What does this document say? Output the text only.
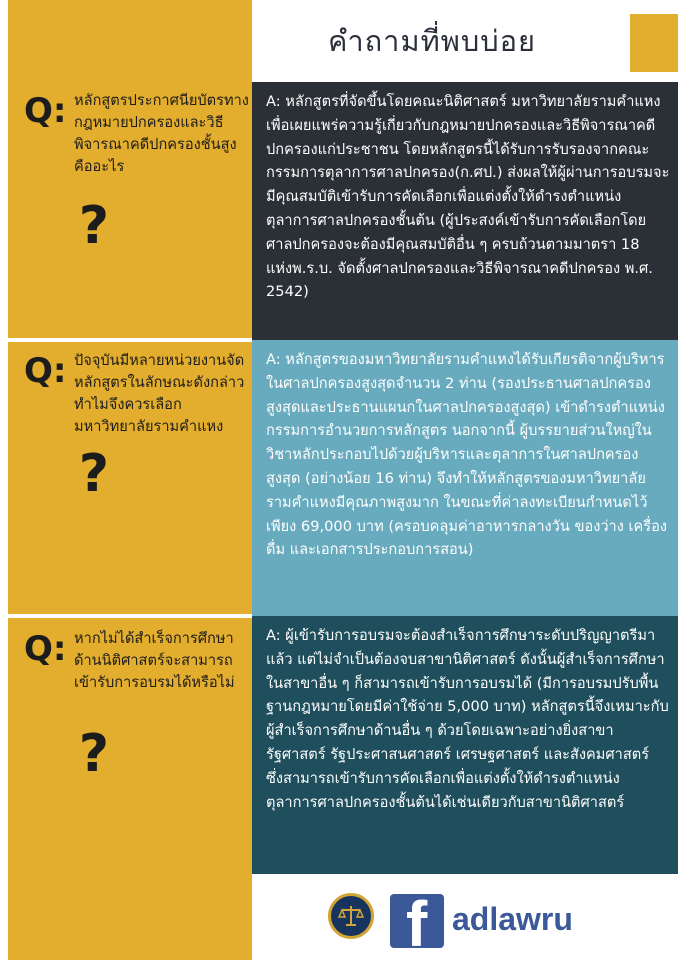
คำถามที่พบบ่อย
Q: หลักสูตรประกาศนียบัตรทางกฎหมายปกครองและวิธีพิจารณาคดีปกครองชั้นสูงคืออะไร
?
A: หลักสูตรที่จัดขึ้นโดยคณะนิติศาสตร์ มหาวิทยาลัยรามคำแหง เพื่อเผยแพร่ความรู้เกี่ยวกับกฎหมายปกครองและวิธีพิจารณาคดีปกครองแก่ประชาชน โดยหลักสูตรนี้ได้รับการรับรองจากคณะกรรมการตุลาการศาลปกครอง(ก.ศป.) ส่งผลให้ผู้ผ่านการอบรมจะมีคุณสมบัติเข้ารับการคัดเลือกเพื่อแต่งตั้งให้ดำรงตำแหน่งตุลาการศาลปกครองชั้นต้น (ผู้ประสงค์เข้ารับการคัดเลือกโดยศาลปกครองจะต้องมีคุณสมบัติอื่น ๆ ครบถ้วนตามมาตรา 18 แห่งพ.ร.บ. จัดตั้งศาลปกครองและวิธีพิจารณาคดีปกครอง พ.ศ. 2542)
Q: ปัจจุบันมีหลายหน่วยงานจัดหลักสูตรในลักษณะดังกล่าว ทำไมจึงควรเลือกมหาวิทยาลัยรามคำแหง
?
A: หลักสูตรของมหาวิทยาลัยรามคำแหงได้รับเกียรติจากผู้บริหารในศาลปกครองสูงสุดจำนวน 2 ท่าน (รองประธานศาลปกครองสูงสุดและประธานแผนกในศาลปกครองสูงสุด) เข้าดำรงตำแหน่งกรรมการอำนวยการหลักสูตร นอกจากนี้ ผู้บรรยายส่วนใหญ่ในวิชาหลักประกอบไปด้วยผู้บริหารและตุลาการในศาลปกครองสูงสุด (อย่างน้อย 16 ท่าน) จึงทำให้หลักสูตรของมหาวิทยาลัยรามคำแหงมีคุณภาพสูงมาก ในขณะที่ค่าลงทะเบียนกำหนดไว้เพียง 69,000 บาท (ครอบคลุมค่าอาหารกลางวัน ของว่าง เครื่องดื่ม และเอกสารประกอบการสอน)
Q: หากไม่ได้สำเร็จการศึกษาด้านนิติศาสตร์จะสามารถเข้ารับการอบรมได้หรือไม่
?
A: ผู้เข้ารับการอบรมจะต้องสำเร็จการศึกษาระดับปริญญาตรีมาแล้ว แต่ไม่จำเป็นต้องจบสาขานิติศาสตร์ ดังนั้นผู้สำเร็จการศึกษาในสาขาอื่น ๆ ก็สามารถเข้ารับการอบรมได้ (มีการอบรมปรับพื้นฐานกฎหมายโดยมีค่าใช้จ่าย 5,000 บาท) หลักสูตรนี้จึงเหมาะกับผู้สำเร็จการศึกษาด้านอื่น ๆ ด้วยโดยเฉพาะอย่างยิ่งสาขารัฐศาสตร์ รัฐประศาสนศาสตร์ เศรษฐศาสตร์ และสังคมศาสตร์ ซึ่งสามารถเข้ารับการคัดเลือกเพื่อแต่งตั้งให้ดำรงตำแหน่งตุลาการศาลปกครองชั้นต้นได้เช่นเดียวกับสาขานิติศาสตร์
f adlawru
